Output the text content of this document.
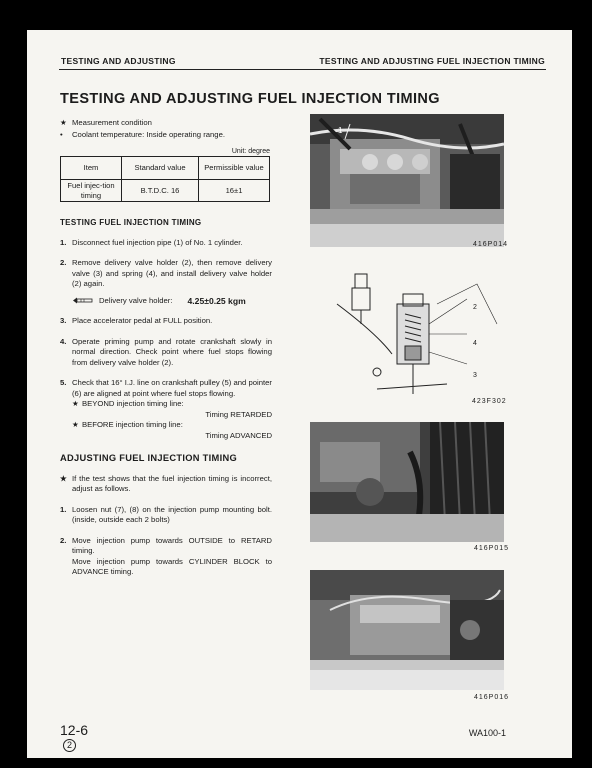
TESTING AND ADJUSTING	TESTING AND ADJUSTING FUEL INJECTION TIMING
TESTING AND ADJUSTING FUEL INJECTION TIMING
★ Measurement condition
• Coolant temperature: Inside operating range.
Unit: degree
Item	Standard value	Permissible value
Fuel injec-tion timing	B.T.D.C. 16	16±1
TESTING FUEL INJECTION TIMING
1. Disconnect fuel injection pipe (1) of No. 1 cylinder.
2. Remove delivery valve holder (2), then remove delivery valve (3) and spring (4), and install delivery valve holder (2) again.
Delivery valve holder: 4.25±0.25 kgm
3. Place accelerator pedal at FULL position.
4. Operate priming pump and rotate crankshaft slowly in normal direction. Check point where fuel stops flowing from delivery valve holder (2).
5. Check that 16° I.J. line on crankshaft pulley (5) and pointer (6) are aligned at point where fuel stops flowing.
★ BEYOND injection timing line:
Timing RETARDED
★ BEFORE injection timing line:
Timing ADVANCED
ADJUSTING FUEL INJECTION TIMING
★ If the test shows that the fuel injection timing is incorrect, adjust as follows.
1. Loosen nut (7), (8) on the injection pump mounting bolt. (inside, outside each 2 bolts)
2. Move injection pump towards OUTSIDE to RETARD timing.
Move injection pump towards CYLINDER BLOCK to ADVANCE timing.
1
416P014
2
4
3
423F302
416P015
416P016
12-6
2
WA100-1
